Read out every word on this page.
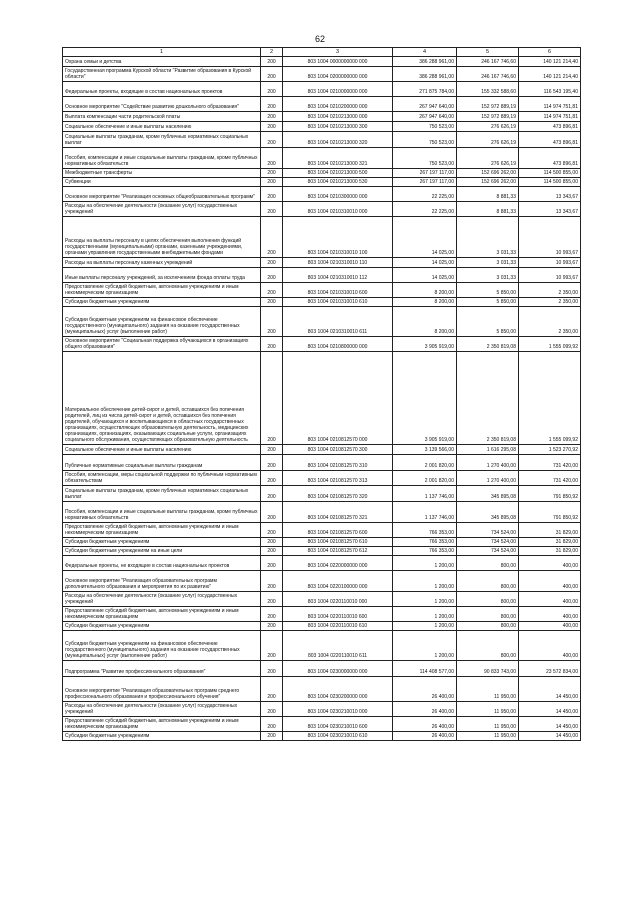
62
1	2	3	4	5	6
Охрана семьи и детства	200	803 1004 0000000000 000	386 288 961,00	246 167 746,60	140 121 214,40
Государственная программа Курской области "Развитие образования в Курской области"	200	803 1004 0200000000 000	386 288 961,00	246 167 746,60	140 121 214,40
Федеральные проекты, входящие в состав национальных проектов	200	803 1004 0210000000 000	271 875 784,00	155 332 588,60	116 543 195,40
Основное мероприятие "Содействие развитию дошкольного образования"	200	803 1004 0210200000 000	267 947 640,00	152 972 889,19	114 974 751,81
Выплата компенсации части родительской платы	200	803 1004 0210213000 000	267 947 640,00	152 972 889,19	114 974 751,81
Социальное обеспечение и иные выплаты населению	200	803 1004 0210213000 300	750 523,00	276 626,19	473 896,81
Социальные выплаты гражданам, кроме публичных нормативных социальных выплат	200	803 1004 0210213000 320	750 523,00	276 626,19	473 896,81
Пособия, компенсации и иные социальные выплаты гражданам, кроме публичных нормативных обязательств	200	803 1004 0210213000 321	750 523,00	276 626,19	473 896,81
Межбюджетные трансферты	200	803 1004 0210213000 500	267 197 117,00	152 696 262,00	114 500 855,00
Субвенции	200	803 1004 0210213000 530	267 197 117,00	152 696 262,00	114 500 855,00
Основное мероприятие "Реализация основных общеобразовательных программ"	200	803 1004 0210300000 000	22 225,00	8 881,33	13 343,67
Расходы на обеспечение деятельности (оказание услуг) государственных учреждений	200	803 1004 0210310010 000	22 225,00	8 881,33	13 343,67
Расходы на выплаты персоналу в целях обеспечения выполнения функций государственными (муниципальными) органами, казенными учреждениями, органами управления государственными внебюджетными фондами	200	803 1004 0210310010 100	14 025,00	3 031,33	10 993,67
Расходы на выплаты персоналу казенных учреждений	200	803 1004 0210310010 110	14 025,00	3 031,33	10 993,67
Иные выплаты персоналу учреждений, за исключением фонда оплаты труда	200	803 1004 0210310010 112	14 025,00	3 031,33	10 993,67
Предоставление субсидий бюджетным, автономным учреждениям и иным некоммерческим организациям	200	803 1004 0210310010 600	8 200,00	5 850,00	2 350,00
Субсидии бюджетным учреждениям	200	803 1004 0210310010 610	8 200,00	5 850,00	2 350,00
Субсидии бюджетным учреждениям на финансовое обеспечение государственного (муниципального) задания на оказание государственных (муниципальных) услуг (выполнение работ)	200	803 1004 0210310010 611	8 200,00	5 850,00	2 350,00
Основное мероприятие "Социальная поддержка обучающихся в организациях общего образования"	200	803 1004 0210800000 000	3 905 919,00	2 350 819,08	1 555 099,92
Материальное обеспечение детей-сирот и детей, оставшихся без попечения родителей, лиц из числа детей-сирот и детей, оставшихся без попечения родителей, обучающихся и воспитывающихся в областных государственных организациях, осуществляющих образовательную деятельность, медицинских организациях, организациях, оказывающих социальные услуги, организациях социального обслуживания, осуществляющих образовательную деятельность	200	803 1004 0210812570 000	3 905 919,00	2 350 819,08	1 555 099,92
Социальное обеспечение и иные выплаты населению	200	803 1004 0210812570 300	3 139 566,00	1 616 295,08	1 523 270,92
Публичные нормативные социальные выплаты гражданам	200	803 1004 0210812570 310	2 001 820,00	1 270 400,00	731 420,00
Пособия, компенсации, меры социальной поддержки по публичным нормативным обязательствам	200	803 1004 0210812570 313	2 001 820,00	1 270 400,00	731 420,00
Социальные выплаты гражданам, кроме публичных нормативных социальных выплат	200	803 1004 0210812570 320	1 137 746,00	345 895,08	791 850,92
Пособия, компенсации и иные социальные выплаты гражданам, кроме публичных нормативных обязательств	200	803 1004 0210812570 321	1 137 746,00	345 895,08	791 850,92
Предоставление субсидий бюджетным, автономным учреждениям и иным некоммерческим организациям	200	803 1004 0210812570 600	766 353,00	734 524,00	31 829,00
Субсидии бюджетным учреждениям	200	803 1004 0210812570 610	766 353,00	734 524,00	31 829,00
Субсидии бюджетным учреждениям на иные цели	200	803 1004 0210812570 612	766 353,00	734 524,00	31 829,00
Федеральные проекты, не входящие в состав национальных проектов	200	803 1004 0220000000 000	1 200,00	800,00	400,00
Основное мероприятие "Реализация образовательных программ дополнительного образования и мероприятия по их развитию"	200	803 1004 0220100000 000	1 200,00	800,00	400,00
Расходы на обеспечение деятельности (оказание услуг) государственных учреждений	200	803 1004 0220110010 000	1 200,00	800,00	400,00
Предоставление субсидий бюджетным, автономным учреждениям и иным некоммерческим организациям	200	803 1004 0220110010 600	1 200,00	800,00	400,00
Субсидии бюджетным учреждениям	200	803 1004 0220110010 610	1 200,00	800,00	400,00
Субсидии бюджетным учреждениям на финансовое обеспечение государственного (муниципального) задания на оказание государственных (муниципальных) услуг (выполнение работ)	200	803 1004 0220110010 611	1 200,00	800,00	400,00
Подпрограмма "Развитие профессионального образования"	200	803 1004 0230000000 000	114 408 577,00	90 833 743,00	23 572 834,00
Основное мероприятие "Реализация образовательных программ среднего профессионального образования и профессионального обучения"	200	803 1004 0230200000 000	26 400,00	11 950,00	14 450,00
Расходы на обеспечение деятельности (оказание услуг) государственных учреждений	200	803 1004 0230210010 000	26 400,00	11 950,00	14 450,00
Предоставление субсидий бюджетным, автономным учреждениям и иным некоммерческим организациям	200	803 1004 0230210010 600	26 400,00	11 950,00	14 450,00
Субсидии бюджетным учреждениям	200	803 1004 0230210010 610	26 400,00	11 950,00	14 450,00
